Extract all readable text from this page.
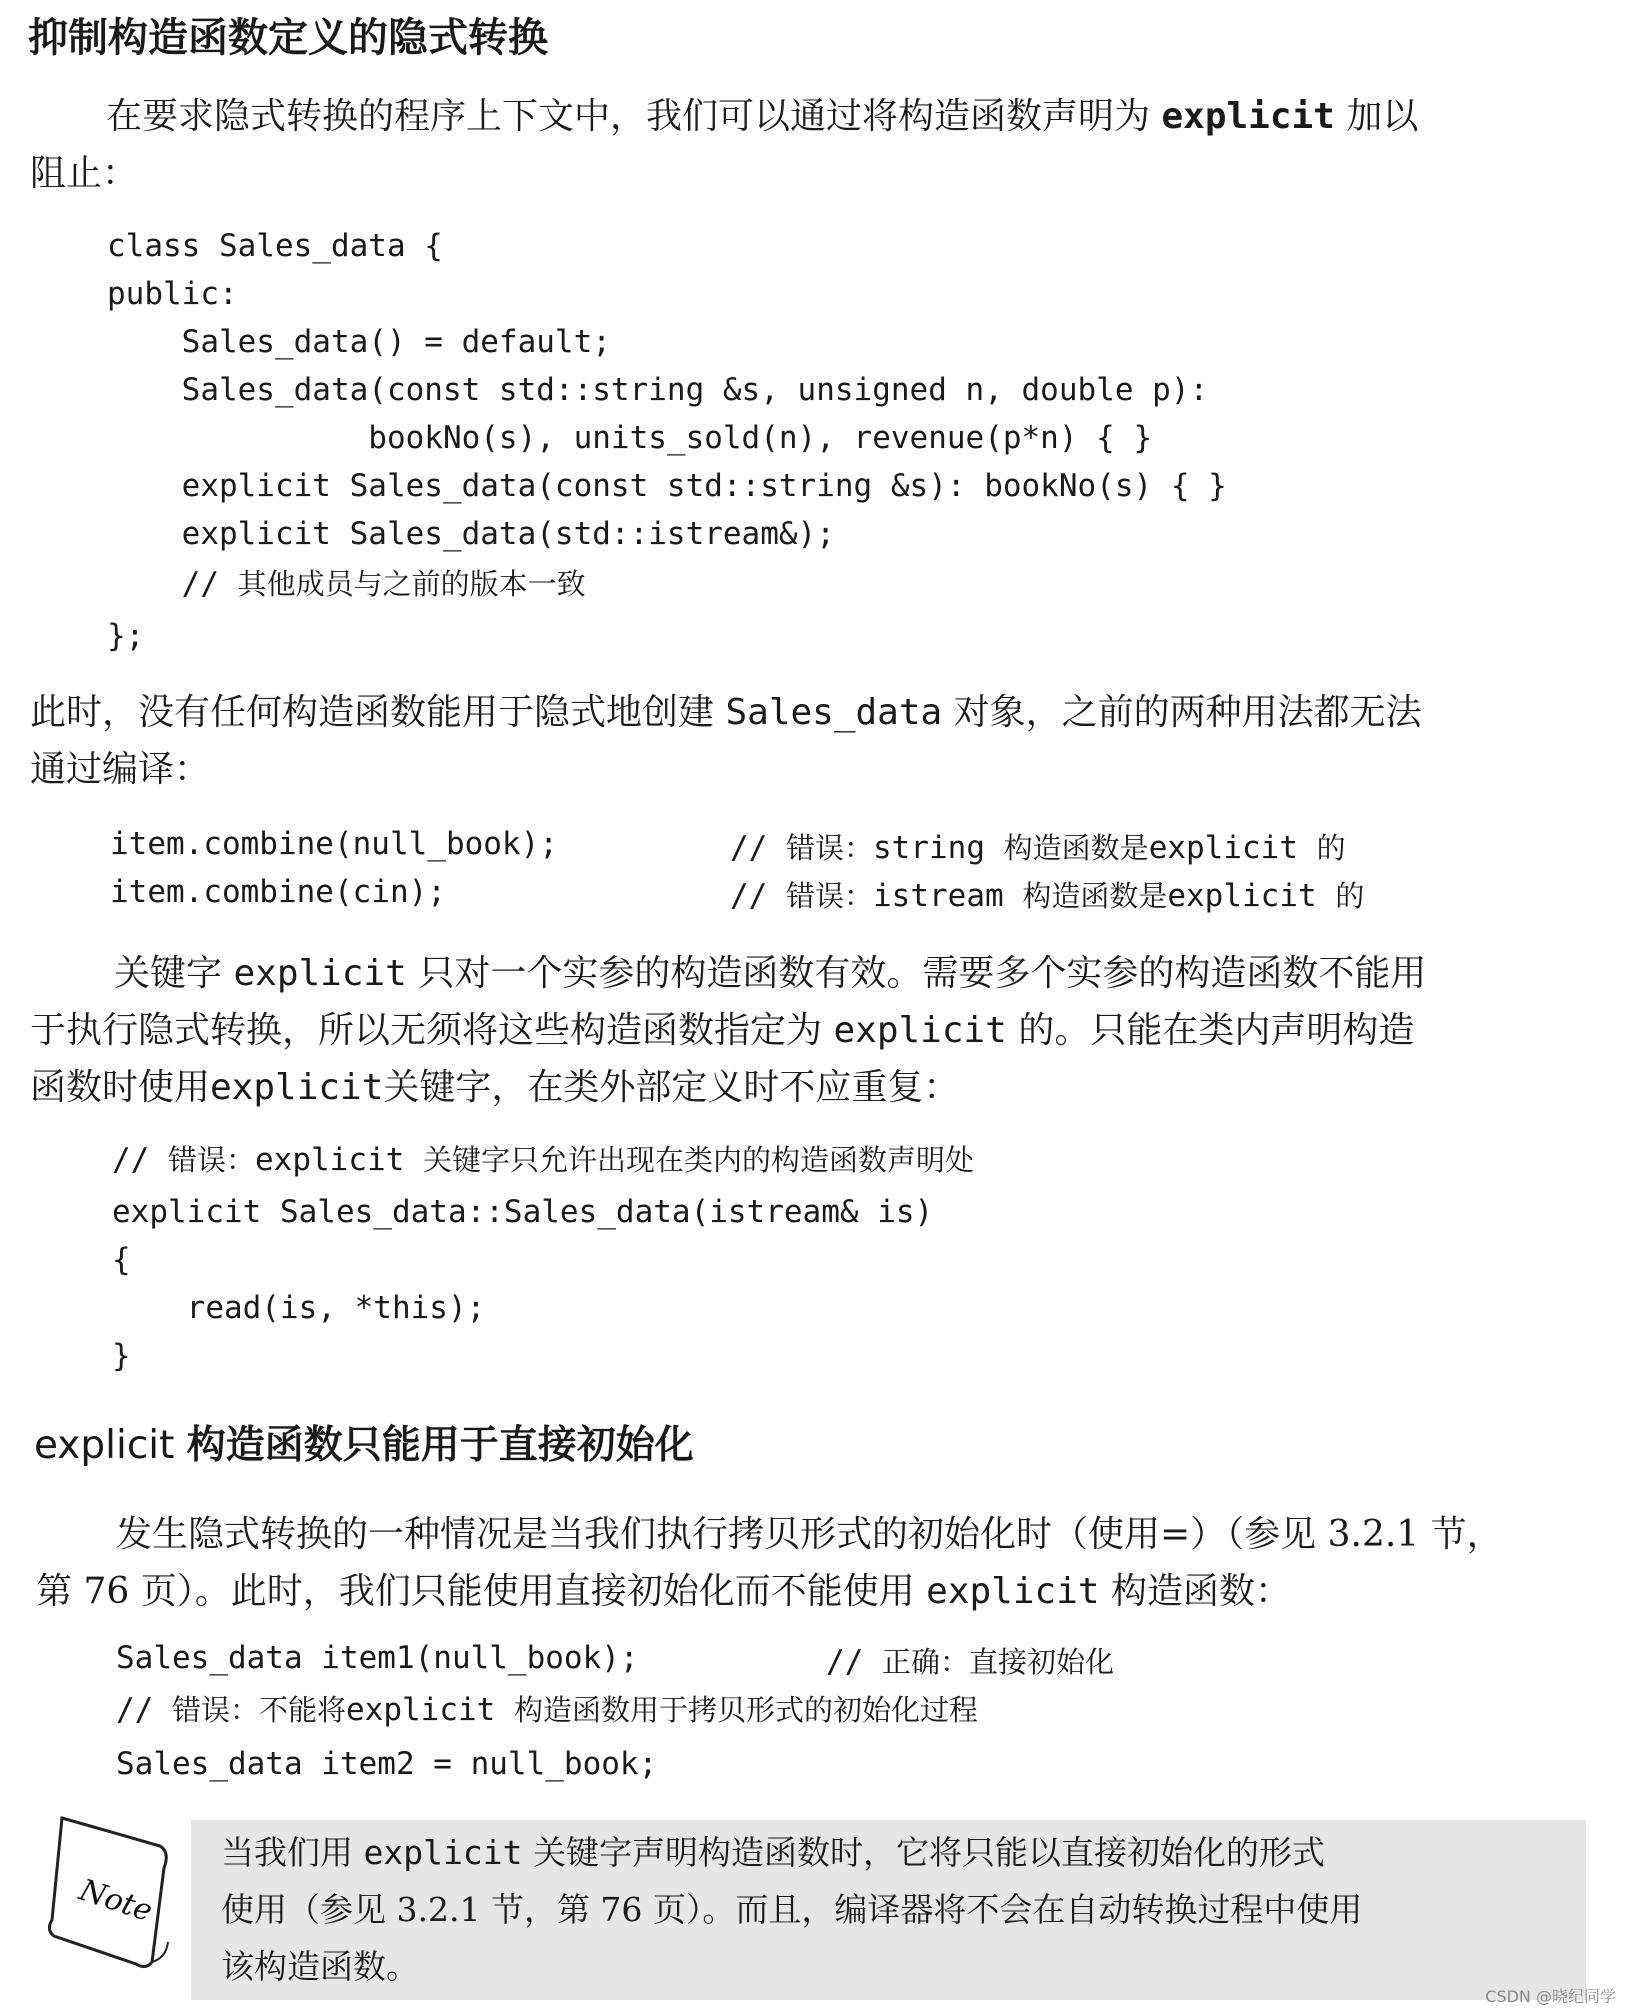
抑制构造函数定义的隐式转换
在要求隐式转换的程序上下文中，我们可以通过将构造函数声明为 explicit 加以
阻止：

class Sales_data {

public:

Sales_data() = default;

Sales_data(const std::string &s, unsigned n, double p):

bookNo(s), units_sold(n), revenue(p*n) { }

explicit Sales_data(const std::string &s): bookNo(s) { }

explicit Sales_data(std::istream&);

// 其他成员与之前的版本一致

};

此时，没有任何构造函数能用于隐式地创建 Sales_data 对象，之前的两种用法都无法
通过编译：

item.combine(null_book);

	// 错误：string 构造函数是explicit 的

item.combine(cin);

	// 错误：istream 构造函数是explicit 的

关键字 explicit 只对一个实参的构造函数有效。需要多个实参的构造函数不能用
于执行隐式转换，所以无须将这些构造函数指定为 explicit 的。只能在类内声明构造
函数时使用explicit关键字，在类外部定义时不应重复：

// 错误：explicit 关键字只允许出现在类内的构造函数声明处

explicit Sales_data::Sales_data(istream& is)

{

read(is, *this);

}

explicit 构造函数只能用于直接初始化
发生隐式转换的一种情况是当我们执行拷贝形式的初始化时（使用=）（参见 3.2.1 节，
第 76 页）。此时，我们只能使用直接初始化而不能使用 explicit 构造函数：

Sales_data item1(null_book);

	// 正确：直接初始化

// 错误：不能将explicit 构造函数用于拷贝形式的初始化过程

Sales_data item2 = null_book;

Note
当我们用 explicit 关键字声明构造函数时，它将只能以直接初始化的形式
使用（参见 3.2.1 节，第 76 页）。而且，编译器将不会在自动转换过程中使用
该构造函数。
CSDN @晓纪同学
